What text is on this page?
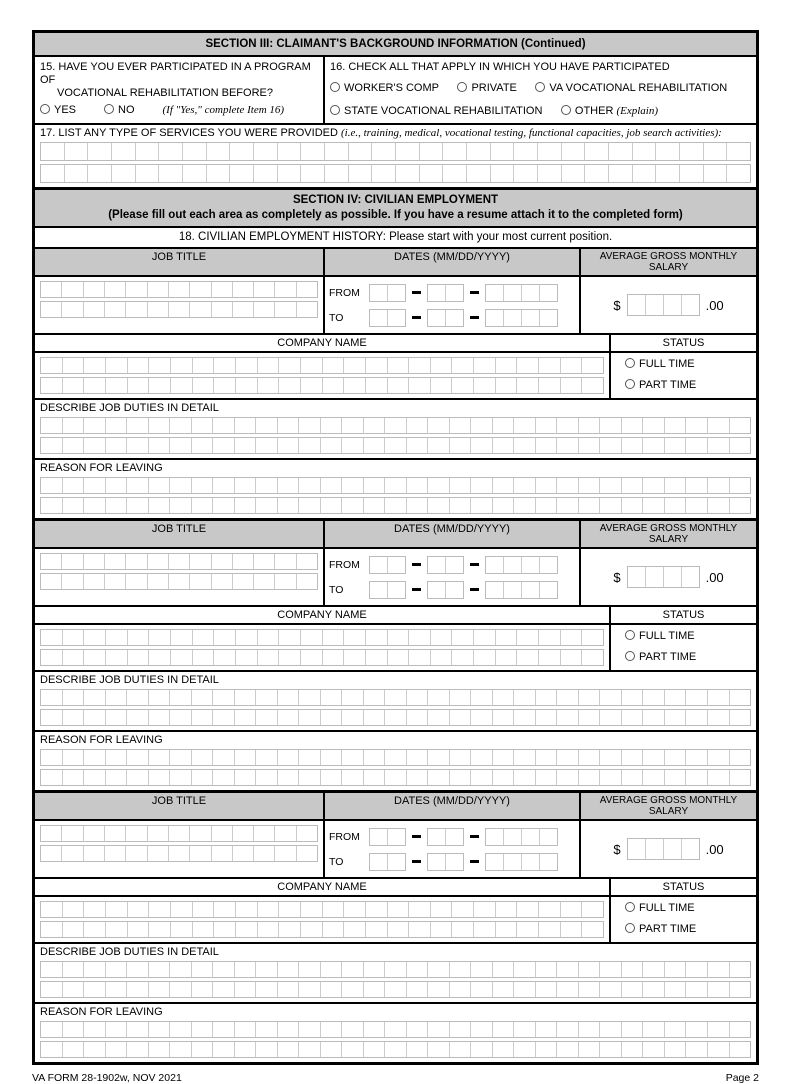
SECTION III: CLAIMANT'S BACKGROUND INFORMATION (Continued)
15. HAVE YOU EVER PARTICIPATED IN A PROGRAM OF
VOCATIONAL REHABILITATION BEFORE?
YES	NO	(If "Yes," complete Item 16)
16. CHECK ALL THAT APPLY IN WHICH YOU HAVE PARTICIPATED
WORKER'S COMP	PRIVATE	VA VOCATIONAL REHABILITATION
STATE VOCATIONAL REHABILITATION	OTHER (Explain)
17. LIST ANY TYPE OF SERVICES YOU WERE PROVIDED (i.e., training, medical, vocational testing, functional capacities, job search activities):
SECTION IV: CIVILIAN EMPLOYMENT
(Please fill out each area as completely as possible. If you have a resume attach it to the completed form)
18. CIVILIAN EMPLOYMENT HISTORY: Please start with your most current position.
JOB TITLE	DATES (MM/DD/YYYY)	AVERAGE GROSS MONTHLY SALARY
FROM
TO
$	.00
COMPANY NAME	STATUS
FULL TIME
PART TIME
DESCRIBE JOB DUTIES IN DETAIL
REASON FOR LEAVING
JOB TITLE	DATES (MM/DD/YYYY)	AVERAGE GROSS MONTHLY SALARY
FROM
TO
$	.00
COMPANY NAME	STATUS
FULL TIME
PART TIME
DESCRIBE JOB DUTIES IN DETAIL
REASON FOR LEAVING
JOB TITLE	DATES (MM/DD/YYYY)	AVERAGE GROSS MONTHLY SALARY
FROM
TO
$	.00
COMPANY NAME	STATUS
FULL TIME
PART TIME
DESCRIBE JOB DUTIES IN DETAIL
REASON FOR LEAVING
VA FORM 28-1902w, NOV 2021	Page 2
